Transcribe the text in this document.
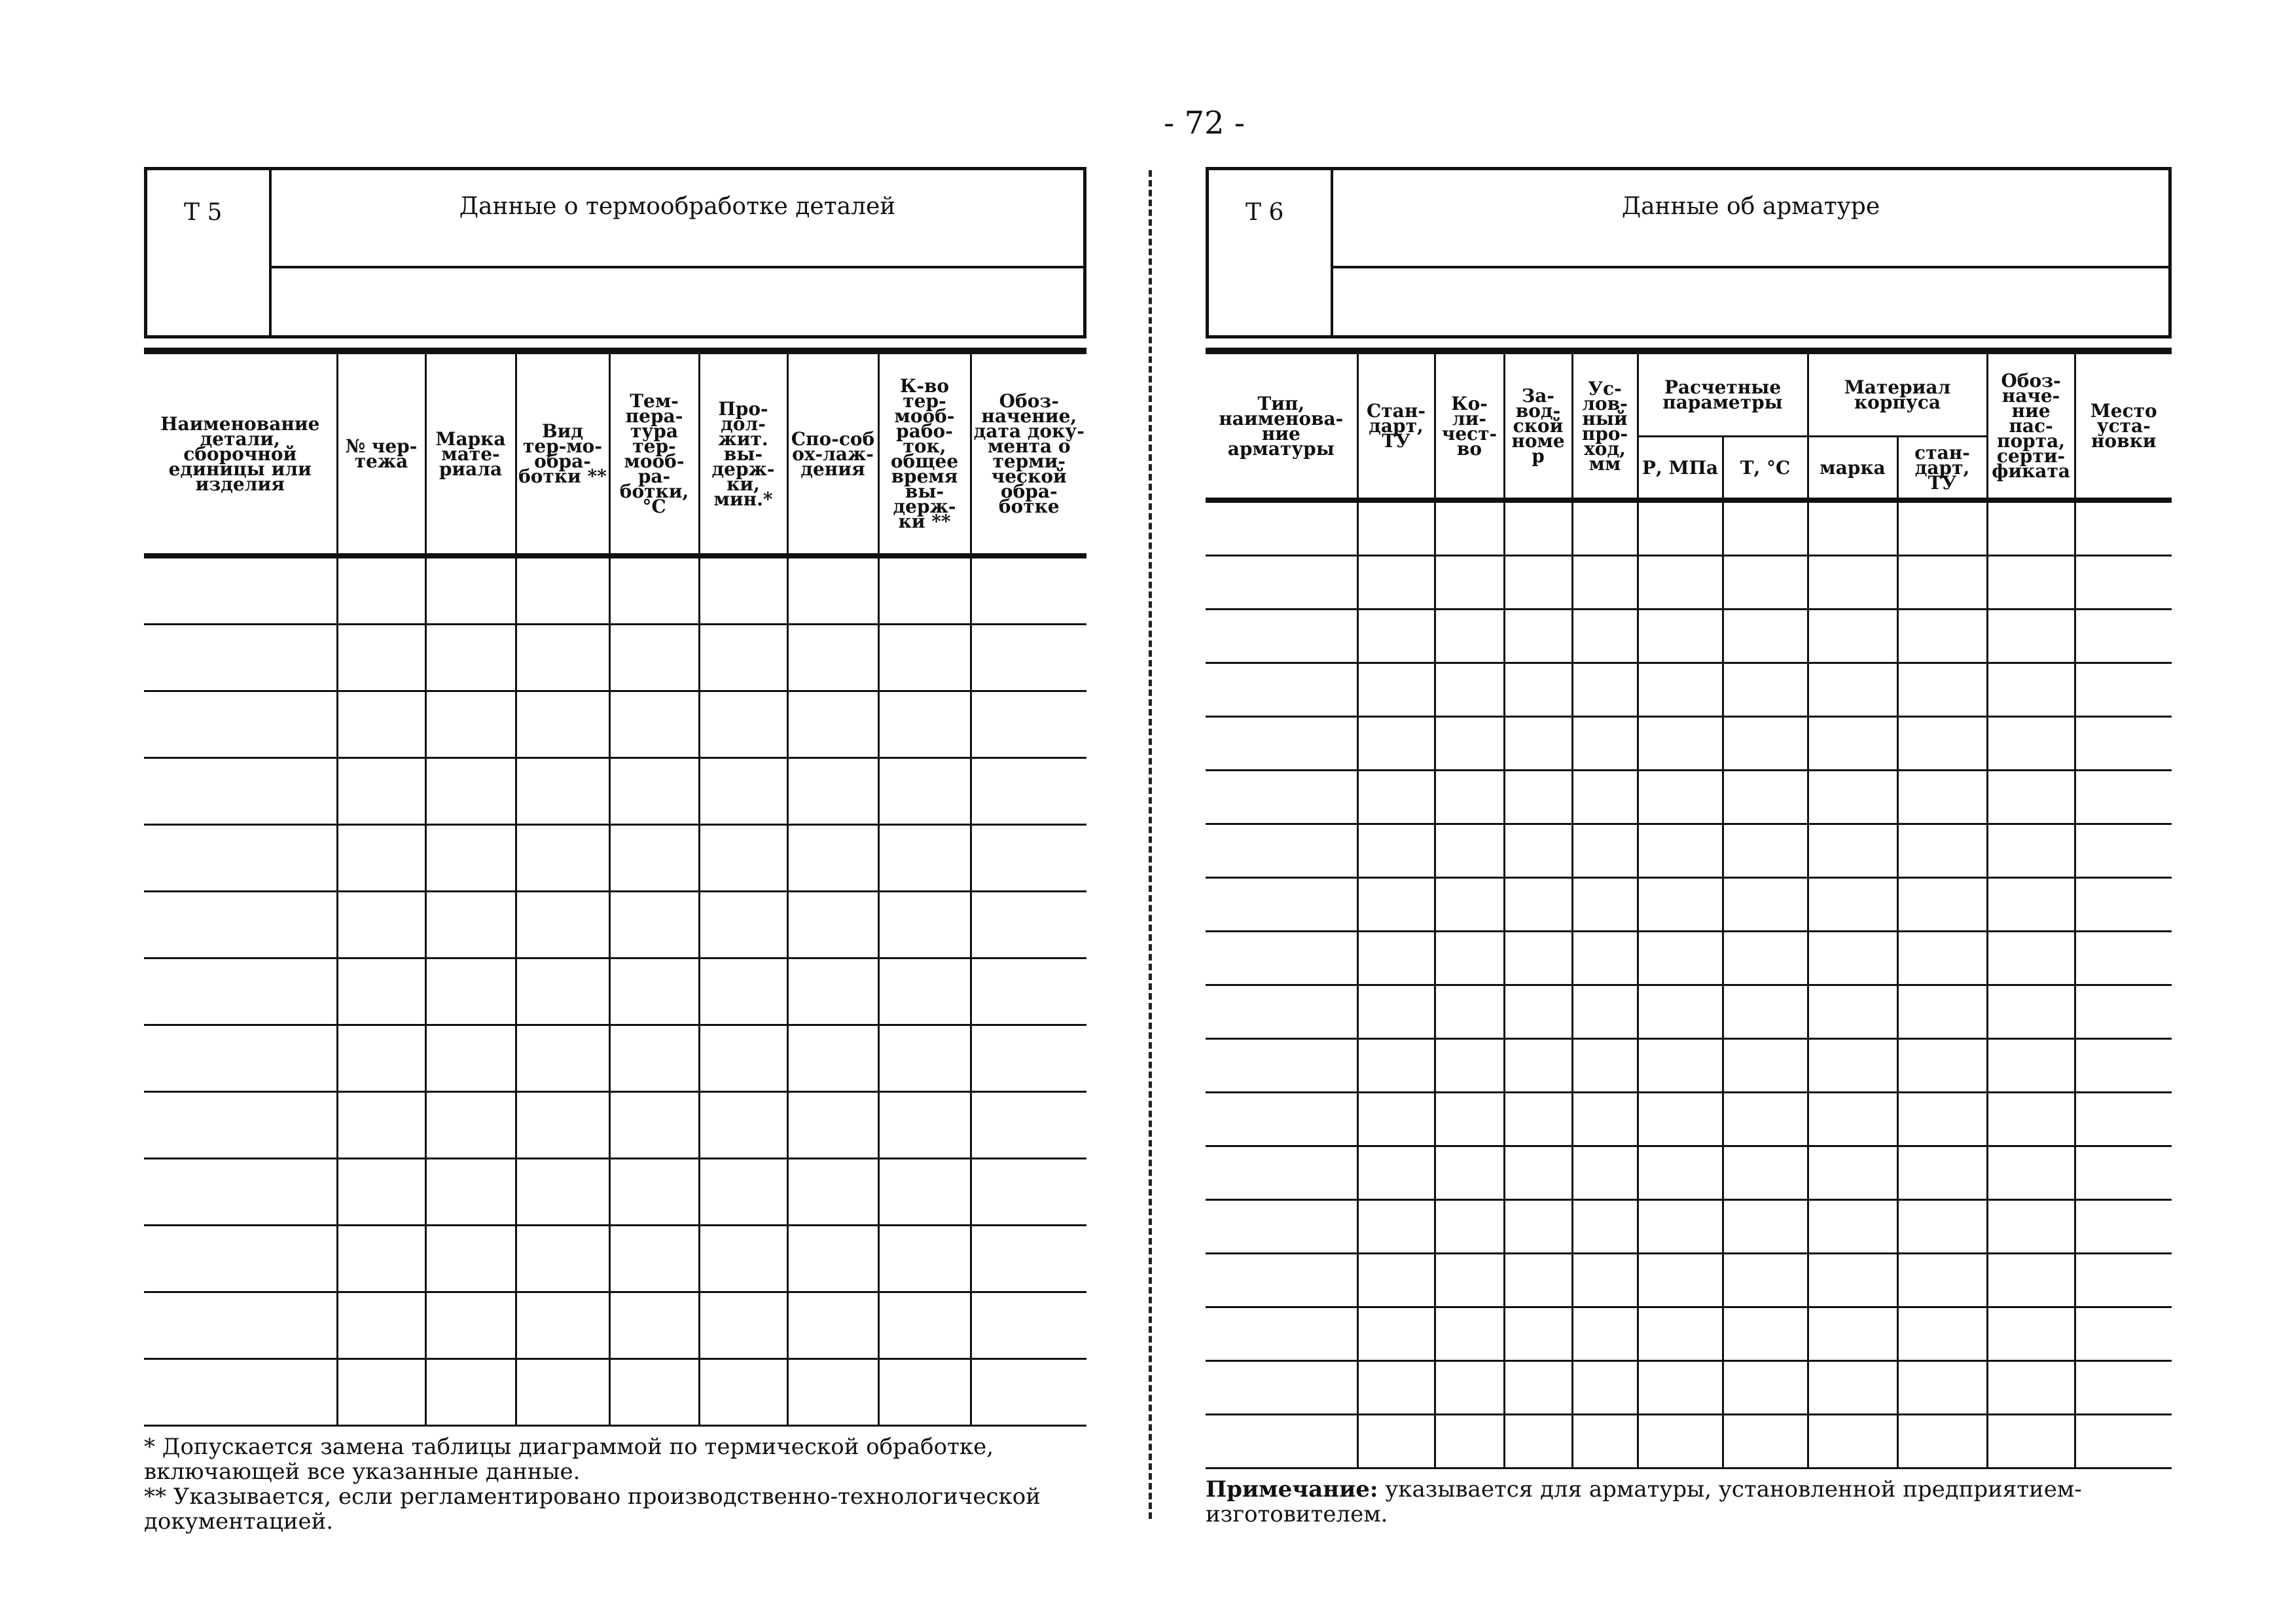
- 72 -
Т 5	Данные о термообработке деталей
Наименование детали, сборочной единицы или изделия	№ чер-тежа	Марка мате-риала	Вид тер-мо-обра-ботки **	Тем-пера-тура тер-мооб-ра-ботки, °С	Про-дол-жит. вы-держ-ки, мин.*	Спо-соб ох-лаж-дения	К-во тер-мооб-рабо-ток, общее время вы-держ-ки **	Обоз-начение, дата доку-мента о терми-ческой обра-ботке

* Допускается замена таблицы диаграммой по термической обработке, включающей все указанные данные.
** Указывается, если регламентировано производственно-технологической документацией.
Т 6	Данные об арматуре
Тип, наименова-ние арматуры	Стан-дарт, ТУ	Ко-ли-чест-во	За-вод-ской номер	Ус-лов-ный про-ход, мм	Расчетные параметры		Материал корпуса		Обоз-наче-ние пас-порта, серти-фиката	Место уста-новки
					Р, МПа	Т, °С	марка	стан-дарт, ТУ		

Примечание: указывается для арматуры, установленной предприятием-изготовителем.
